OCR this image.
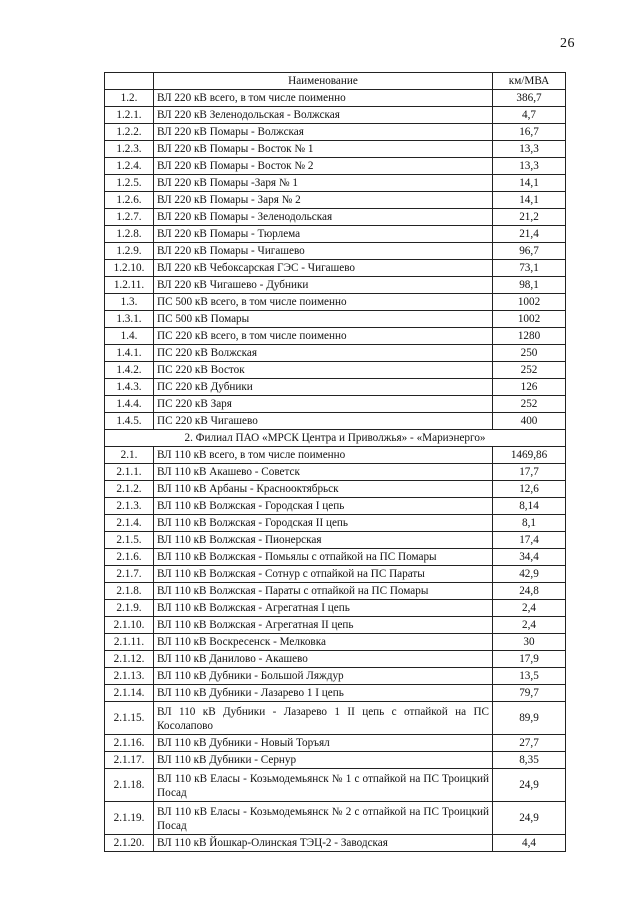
26
	Наименование	км/МВА
1.2.	ВЛ 220 кВ всего, в том числе поименно	386,7
1.2.1.	ВЛ 220 кВ Зеленодольская - Волжская	4,7
1.2.2.	ВЛ 220 кВ Помары - Волжская	16,7
1.2.3.	ВЛ 220 кВ Помары - Восток № 1	13,3
1.2.4.	ВЛ 220 кВ Помары - Восток № 2	13,3
1.2.5.	ВЛ 220 кВ Помары -Заря № 1	14,1
1.2.6.	ВЛ 220 кВ Помары - Заря № 2	14,1
1.2.7.	ВЛ 220 кВ Помары - Зеленодольская	21,2
1.2.8.	ВЛ 220 кВ Помары - Тюрлема	21,4
1.2.9.	ВЛ 220 кВ Помары - Чигашево	96,7
1.2.10.	ВЛ 220 кВ Чебоксарская ГЭС - Чигашево	73,1
1.2.11.	ВЛ 220 кВ Чигашево - Дубники	98,1
1.3.	ПС 500 кВ всего, в том числе поименно	1002
1.3.1.	ПС 500 кВ Помары	1002
1.4.	ПС 220 кВ всего, в том числе поименно	1280
1.4.1.	ПС 220 кВ Волжская	250
1.4.2.	ПС 220 кВ Восток	252
1.4.3.	ПС 220 кВ Дубники	126
1.4.4.	ПС 220 кВ Заря	252
1.4.5.	ПС 220 кВ Чигашево	400
2. Филиал ПАО «МРСК Центра и Приволжья» - «Мариэнерго»		
2.1.	ВЛ 110 кВ всего, в том числе поименно	1469,86
2.1.1.	ВЛ 110 кВ Акашево - Советск	17,7
2.1.2.	ВЛ 110 кВ Арбаны - Краснооктябрьск	12,6
2.1.3.	ВЛ 110 кВ Волжская - Городская I цепь	8,14
2.1.4.	ВЛ 110 кВ Волжская - Городская II цепь	8,1
2.1.5.	ВЛ 110 кВ Волжская - Пионерская	17,4
2.1.6.	ВЛ 110 кВ Волжская - Помьялы с отпайкой на ПС Помары	34,4
2.1.7.	ВЛ 110 кВ Волжская - Сотнур с отпайкой на ПС Параты	42,9
2.1.8.	ВЛ 110 кВ Волжская - Параты с отпайкой на ПС Помары	24,8
2.1.9.	ВЛ 110 кВ Волжская - Агрегатная I цепь	2,4
2.1.10.	ВЛ 110 кВ Волжская - Агрегатная II цепь	2,4
2.1.11.	ВЛ 110 кВ Воскресенск - Мелковка	30
2.1.12.	ВЛ 110 кВ Данилово - Акашево	17,9
2.1.13.	ВЛ 110 кВ Дубники - Большой Ляждур	13,5
2.1.14.	ВЛ 110 кВ Дубники - Лазарево 1 I цепь	79,7
2.1.15.	ВЛ 110 кВ Дубники - Лазарево 1 II цепь с отпайкой на ПС Косолапово	89,9
2.1.16.	ВЛ 110 кВ Дубники - Новый Торъял	27,7
2.1.17.	ВЛ 110 кВ Дубники - Сернур	8,35
2.1.18.	ВЛ 110 кВ Еласы - Козьмодемьянск № 1 с отпайкой на ПС Троицкий Посад	24,9
2.1.19.	ВЛ 110 кВ Еласы - Козьмодемьянск № 2 с отпайкой на ПС Троицкий Посад	24,9
2.1.20.	ВЛ 110 кВ Йошкар-Олинская ТЭЦ-2 - Заводская	4,4
